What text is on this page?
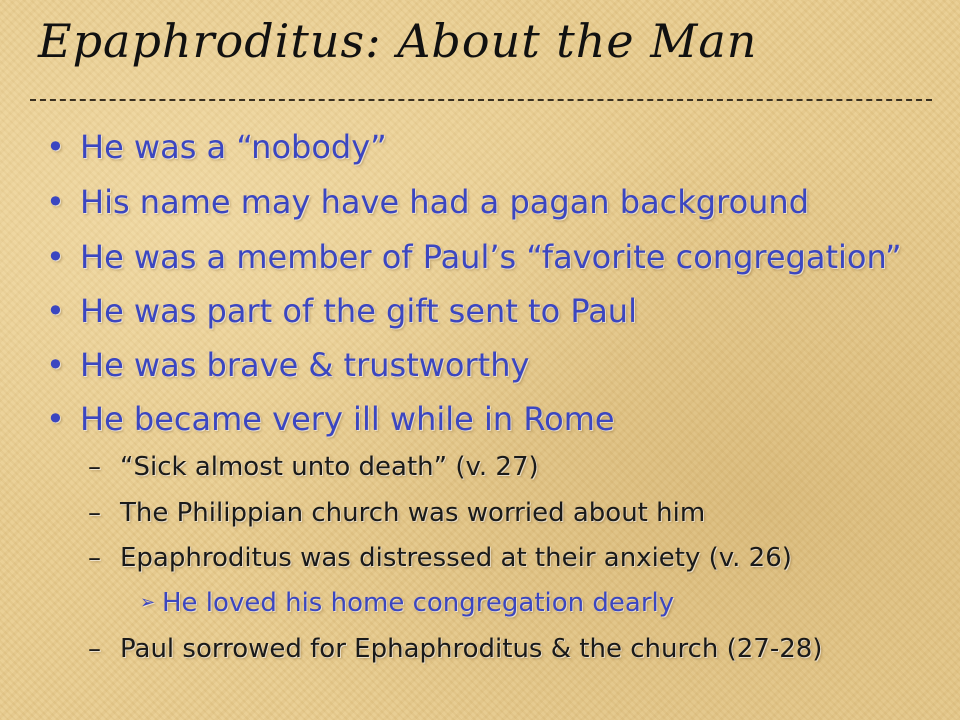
Epaphroditus: About the Man
• He was a “nobody”
• His name may have had a pagan background
• He was a member of Paul’s “favorite congregation”
• He was part of the gift sent to Paul
• He was brave & trustworthy
• He became very ill while in Rome
– “Sick almost unto death” (v. 27)
– The Philippian church was worried about him
– Epaphroditus was distressed at their anxiety (v. 26)
➢ He loved his home congregation dearly
– Paul sorrowed for Ephaphroditus & the church (27-28)
